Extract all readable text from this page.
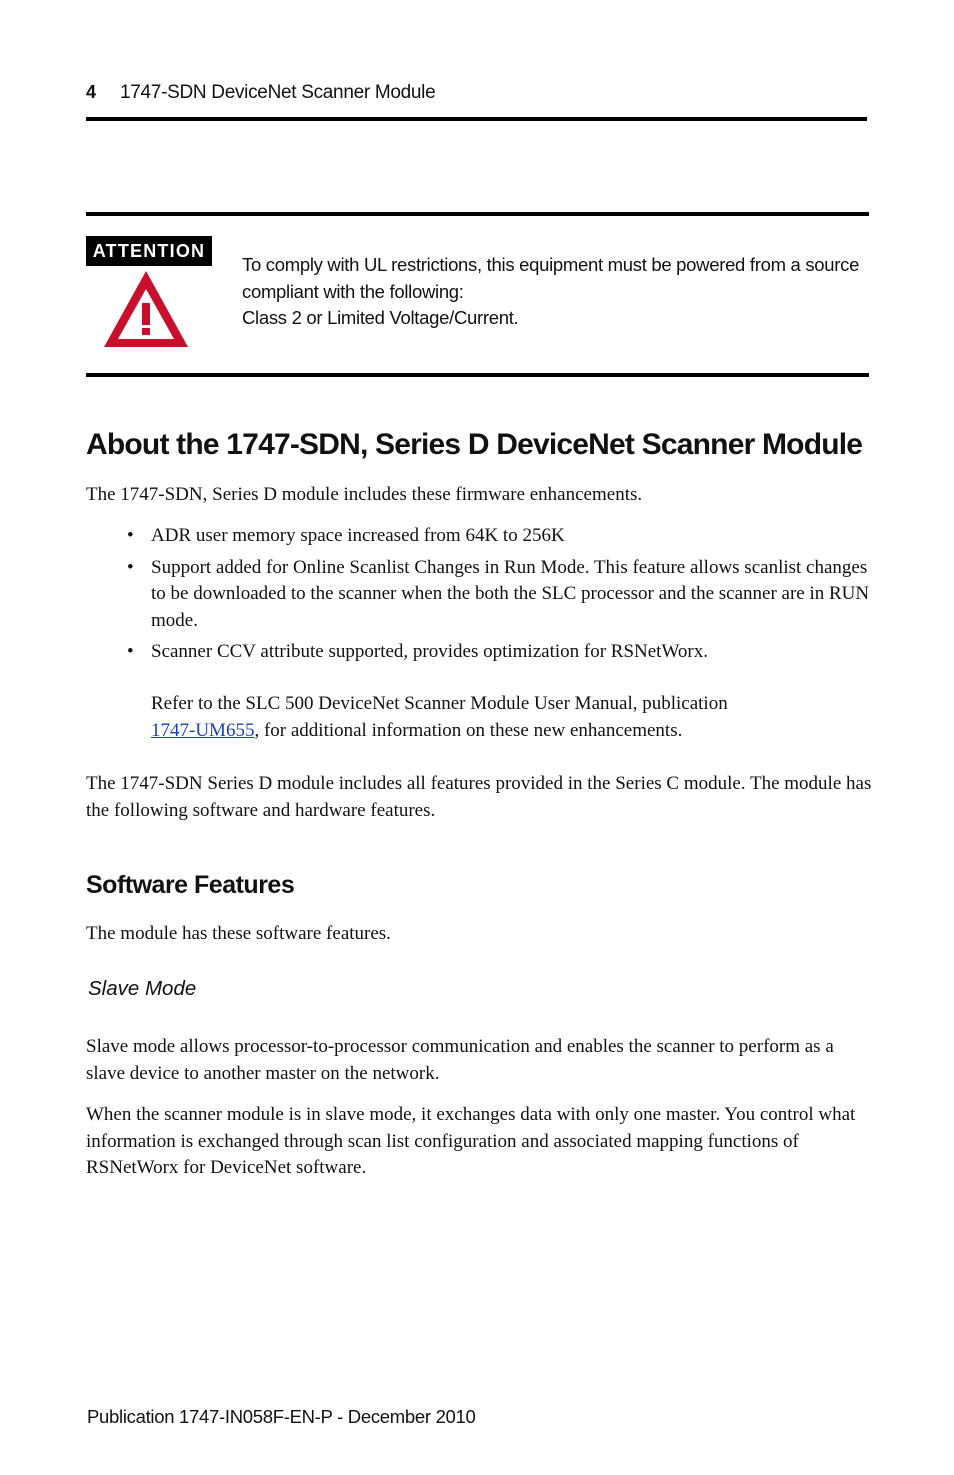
4 1747-SDN DeviceNet Scanner Module
ATTENTION
To comply with UL restrictions, this equipment must be powered from a source
compliant with the following:
Class 2 or Limited Voltage/Current.
About the 1747-SDN, Series D DeviceNet Scanner Module
The 1747-SDN, Series D module includes these firmware enhancements.
• ADR user memory space increased from 64K to 256K
• Support added for Online Scanlist Changes in Run Mode. This feature allows scanlist changes to be downloaded to the scanner when the both the SLC processor and the scanner are in RUN mode.
• Scanner CCV attribute supported, provides optimization for RSNetWorx.
Refer to the SLC 500 DeviceNet Scanner Module User Manual, publication
1747-UM655, for additional information on these new enhancements.
The 1747-SDN Series D module includes all features provided in the Series C module. The module has the following software and hardware features.
Software Features
The module has these software features.
Slave Mode
Slave mode allows processor-to-processor communication and enables the scanner to perform as a slave device to another master on the network.
When the scanner module is in slave mode, it exchanges data with only one master. You control what information is exchanged through scan list configuration and associated mapping functions of RSNetWorx for DeviceNet software.
Publication 1747-IN058F-EN-P - December 2010
